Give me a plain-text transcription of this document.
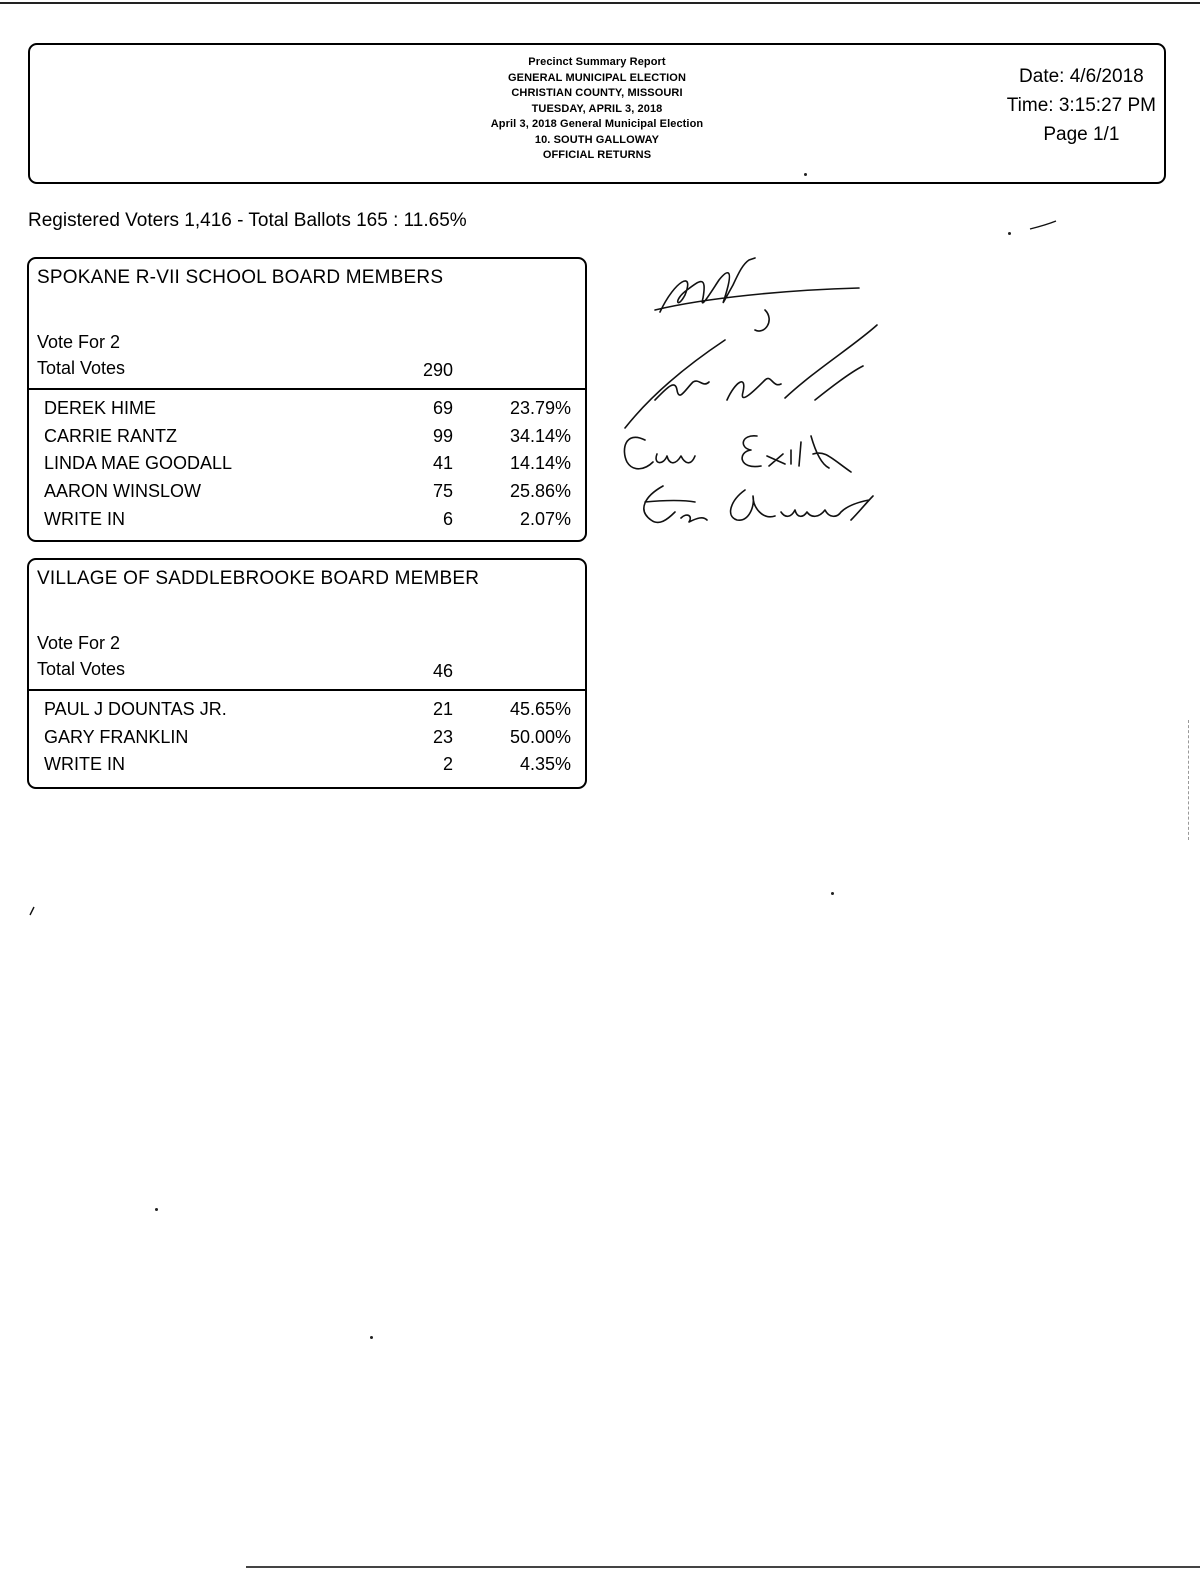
Precinct Summary Report
GENERAL MUNICIPAL ELECTION
CHRISTIAN COUNTY, MISSOURI
TUESDAY, APRIL 3, 2018
April 3, 2018 General Municipal Election
10. SOUTH GALLOWAY
OFFICIAL RETURNS
Date: 4/6/2018
Time: 3:15:27 PM
Page 1/1
Registered Voters 1,416 - Total Ballots 165 : 11.65%
SPOKANE R-VII SCHOOL BOARD MEMBERS
Vote For 2
Total Votes	290
DEREK HIME	69	23.79%
CARRIE RANTZ	99	34.14%
LINDA MAE GOODALL	41	14.14%
AARON WINSLOW	75	25.86%
WRITE IN	6	2.07%
VILLAGE OF SADDLEBROOKE BOARD MEMBER
Vote For 2
Total Votes	46
PAUL J DOUNTAS JR.	21	45.65%
GARY FRANKLIN	23	50.00%
WRITE IN	2	4.35%
